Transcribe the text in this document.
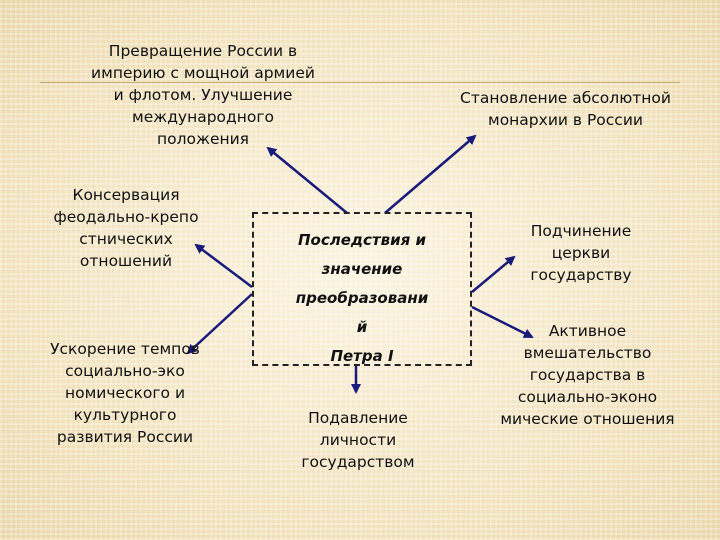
Последствия и
значение
преобразовани
й
Петра I
Превращение России в империю с мощной армией и флотом. Улучшение международного положения
Становление абсолютной монархии в России
Консервация феодально-крепо стнических отношений
Подчинение церкви государству
Активное вмешательство государства в социально-эконо мические отношения
Подавление личности государством
Ускорение темпов социально-эко номического и культурного развития России
